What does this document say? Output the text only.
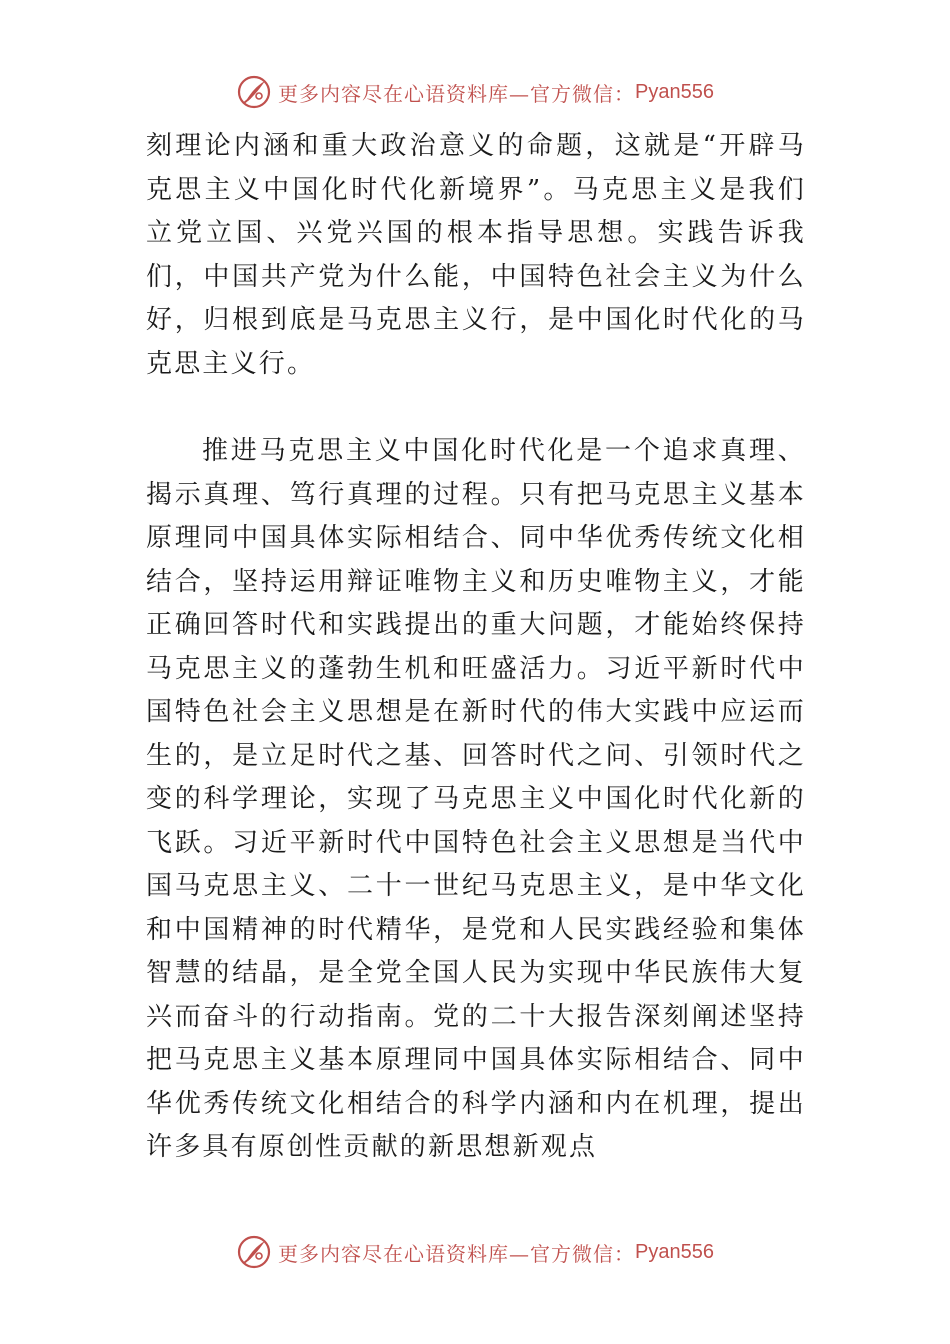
更多内容尽在心语资料库—官方微信： Pyan556

刻理论内涵和重大政治意义的命题，这就是“开辟马克思主义中国化时代化新境界”。马克思主义是我们立党立国、兴党兴国的根本指导思想。实践告诉我们，中国共产党为什么能，中国特色社会主义为什么好，归根到底是马克思主义行，是中国化时代化的马克思主义行。

推进马克思主义中国化时代化是一个追求真理、揭示真理、笃行真理的过程。只有把马克思主义基本原理同中国具体实际相结合、同中华优秀传统文化相结合，坚持运用辩证唯物主义和历史唯物主义，才能正确回答时代和实践提出的重大问题，才能始终保持马克思主义的蓬勃生机和旺盛活力。习近平新时代中国特色社会主义思想是在新时代的伟大实践中应运而生的，是立足时代之基、回答时代之问、引领时代之变的科学理论，实现了马克思主义中国化时代化新的飞跃。习近平新时代中国特色社会主义思想是当代中国马克思主义、二十一世纪马克思主义，是中华文化和中国精神的时代精华，是党和人民实践经验和集体智慧的结晶，是全党全国人民为实现中华民族伟大复兴而奋斗的行动指南。党的二十大报告深刻阐述坚持把马克思主义基本原理同中国具体实际相结合、同中华优秀传统文化相结合的科学内涵和内在机理，提出许多具有原创性贡献的新思想新观点

更多内容尽在心语资料库—官方微信： Pyan556
